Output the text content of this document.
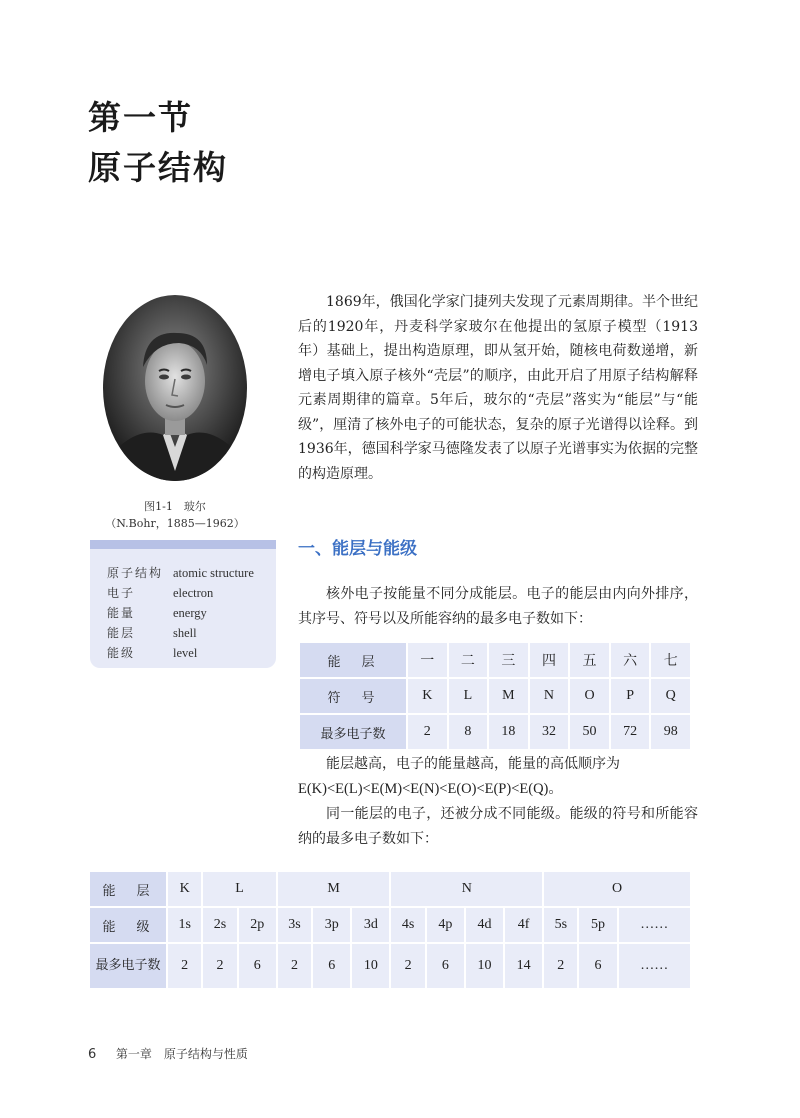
第一节
原子结构
图1-1　玻尔
（N.Bohr，1885—1962）
原子结构 atomic structure
电子	electron
能量	energy
能层	shell
能级	level
1869年，俄国化学家门捷列夫发现了元素周期律。半个世纪后的1920年，丹麦科学家玻尔在他提出的氢原子模型（1913年）基础上，提出构造原理，即从氢开始，随核电荷数递增，新增电子填入原子核外“壳层”的顺序，由此开启了用原子结构解释元素周期律的篇章。5年后，玻尔的“壳层”落实为“能层”与“能级”，厘清了核外电子的可能状态，复杂的原子光谱得以诠释。到1936年，德国科学家马德隆发表了以原子光谱事实为依据的完整的构造原理。
一、能层与能级
核外电子按能量不同分成能层。电子的能层由内向外排序，其序号、符号以及所能容纳的最多电子数如下：
能　层	一	二	三	四	五	六	七
符　号	K	L	M	N	O	P	Q
最多电子数	2	8	18	32	50	72	98
能层越高，电子的能量越高，能量的高低顺序为
E(K)<E(L)<E(M)<E(N)<E(O)<E(P)<E(Q)。
同一能层的电子，还被分成不同能级。能级的符号和所能容纳的最多电子数如下：
能　层	K	L		M			N				O		
能　级	1s	2s	2p	3s	3p	3d	4s	4p	4d	4f	5s	5p	……
最多电子数	2	2	6	2	6	10	2	6	10	14	2	6	……
6 第一章　原子结构与性质
